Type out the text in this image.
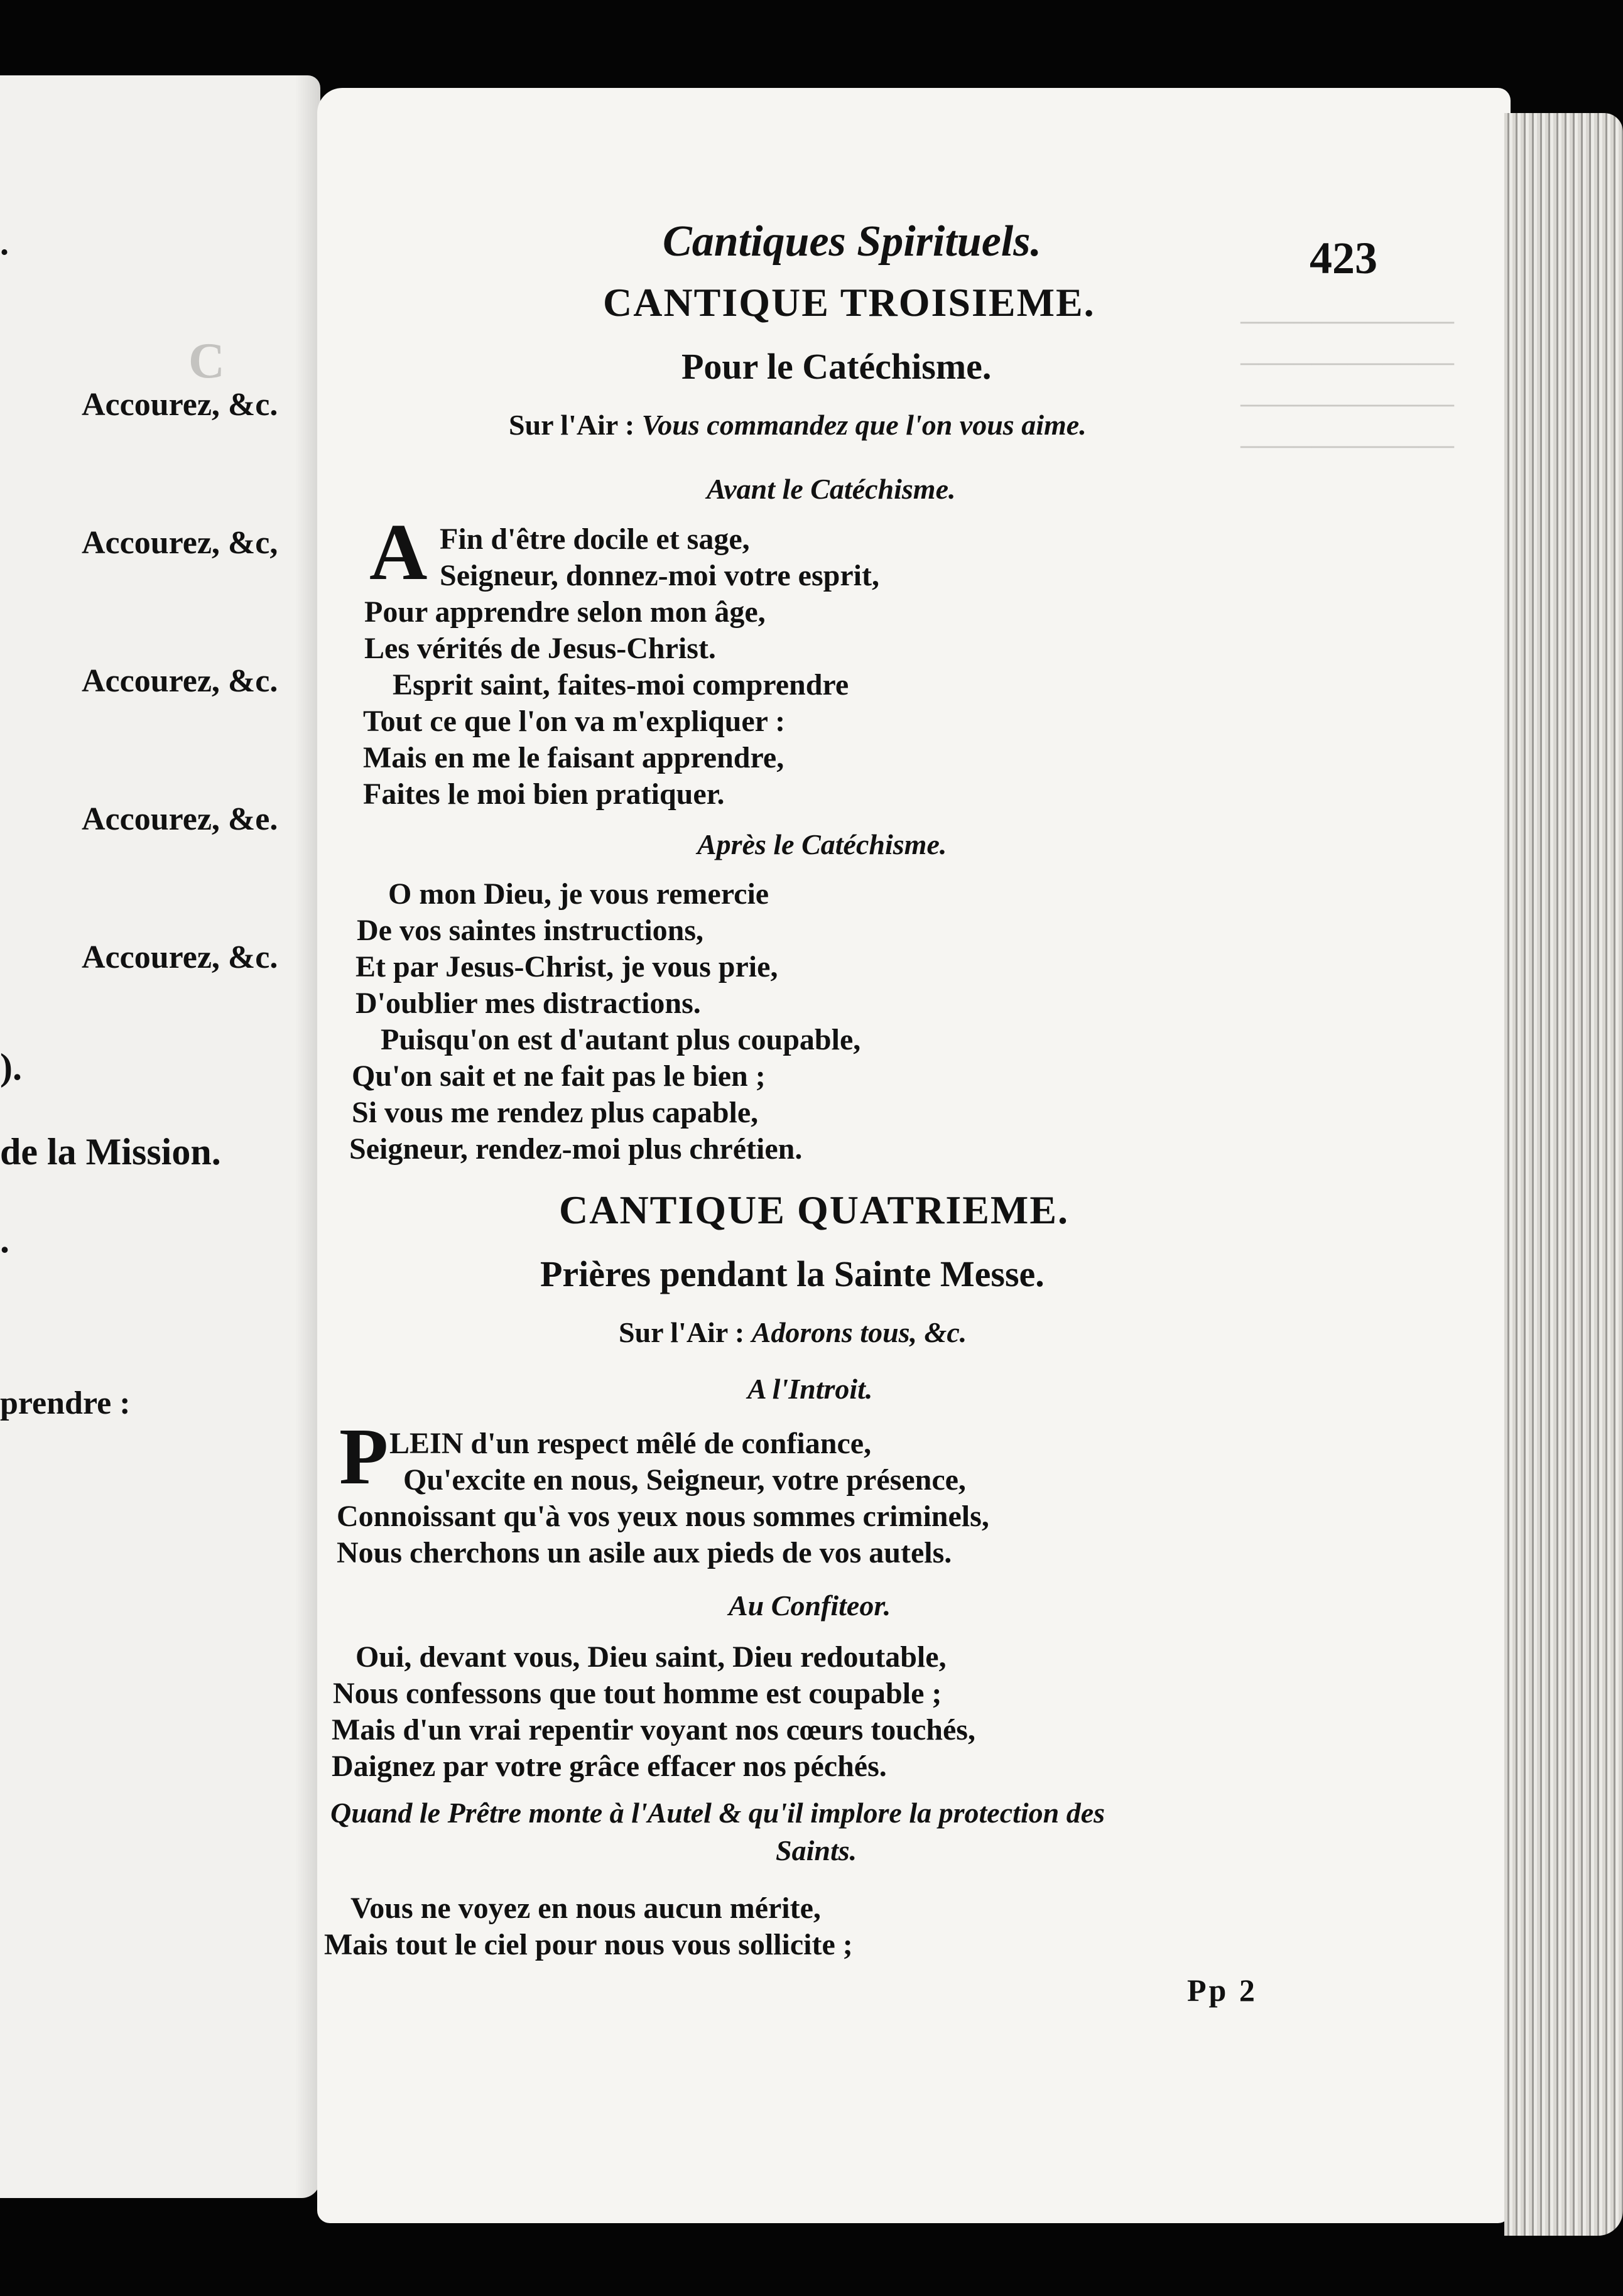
C
.
Accourez, &c.
Accourez, &c,
Accourez, &c.
Accourez, &e.
Accourez, &c.
).
de la Mission.
.
prendre :
────────────
────────────
────────────
────────────
Cantiques Spirituels.	423
CANTIQUE TROISIEME.
Pour le Catéchisme.
Sur l'Air : Vous commandez que l'on vous aime.
Avant le Catéchisme.
A Fin d'être docile et sage,
Seigneur, donnez-moi votre esprit,
Pour apprendre selon mon âge,
Les vérités de Jesus-Christ.
Esprit saint, faites-moi comprendre
Tout ce que l'on va m'expliquer :
Mais en me le faisant apprendre,
Faites le moi bien pratiquer.
Après le Catéchisme.
O mon Dieu, je vous remercie
De vos saintes instructions,
Et par Jesus-Christ, je vous prie,
D'oublier mes distractions.
Puisqu'on est d'autant plus coupable,
Qu'on sait et ne fait pas le bien ;
Si vous me rendez plus capable,
Seigneur, rendez-moi plus chrétien.
CANTIQUE QUATRIEME.
Prières pendant la Sainte Messe.
Sur l'Air : Adorons tous, &c.
A l'Introit.
P LEIN d'un respect mêlé de confiance,
Qu'excite en nous, Seigneur, votre présence,
Connoissant qu'à vos yeux nous sommes criminels,
Nous cherchons un asile aux pieds de vos autels.
Au Confiteor.
Oui, devant vous, Dieu saint, Dieu redoutable,
Nous confessons que tout homme est coupable ;
Mais d'un vrai repentir voyant nos cœurs touchés,
Daignez par votre grâce effacer nos péchés.
Quand le Prêtre monte à l'Autel & qu'il implore la protection des
Saints.
Vous ne voyez en nous aucun mérite,
Mais tout le ciel pour nous vous sollicite ;
Pp 2
